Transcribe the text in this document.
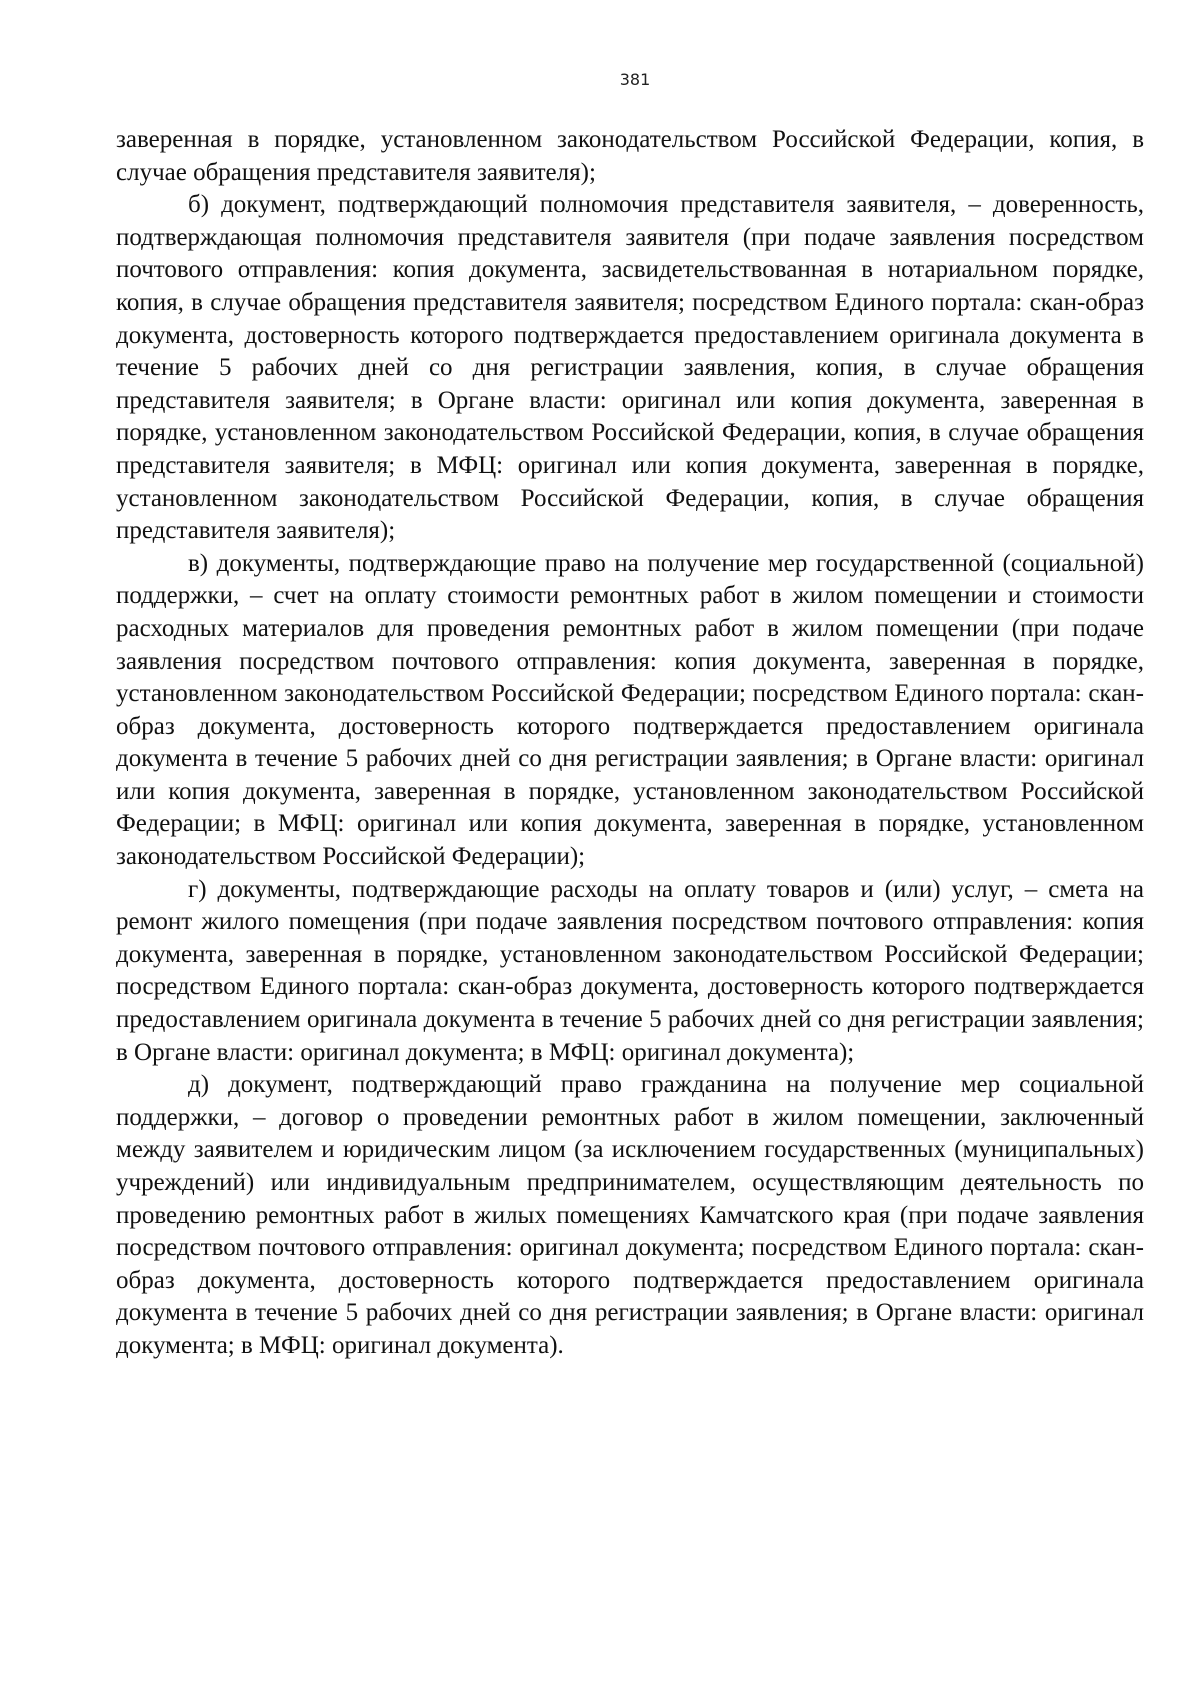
381

заверенная в порядке, установленном законодательством Российской Федерации, копия, в случае обращения представителя заявителя);

б) документ, подтверждающий полномочия представителя заявителя, – доверенность, подтверждающая полномочия представителя заявителя (при подаче заявления посредством почтового отправления: копия документа, засвидетельствованная в нотариальном порядке, копия, в случае обращения представителя заявителя; посредством Единого портала: скан-образ документа, достоверность которого подтверждается предоставлением оригинала документа в течение 5 рабочих дней со дня регистрации заявления, копия, в случае обращения представителя заявителя; в Органе власти: оригинал или копия документа, заверенная в порядке, установленном законодательством Российской Федерации, копия, в случае обращения представителя заявителя; в МФЦ: оригинал или копия документа, заверенная в порядке, установленном законодательством Российской Федерации, копия, в случае обращения представителя заявителя);

в) документы, подтверждающие право на получение мер государственной (социальной) поддержки, – счет на оплату стоимости ремонтных работ в жилом помещении и стоимости расходных материалов для проведения ремонтных работ в жилом помещении (при подаче заявления посредством почтового отправления: копия документа, заверенная в порядке, установленном законодательством Российской Федерации; посредством Единого портала: скан-образ документа, достоверность которого подтверждается предоставлением оригинала документа в течение 5 рабочих дней со дня регистрации заявления; в Органе власти: оригинал или копия документа, заверенная в порядке, установленном законодательством Российской Федерации; в МФЦ: оригинал или копия документа, заверенная в порядке, установленном законодательством Российской Федерации);

г) документы, подтверждающие расходы на оплату товаров и (или) услуг, – смета на ремонт жилого помещения (при подаче заявления посредством почтового отправления: копия документа, заверенная в порядке, установленном законодательством Российской Федерации; посредством Единого портала: скан-образ документа, достоверность которого подтверждается предоставлением оригинала документа в течение 5 рабочих дней со дня регистрации заявления; в Органе власти: оригинал документа; в МФЦ: оригинал документа);

д) документ, подтверждающий право гражданина на получение мер социальной поддержки, – договор о проведении ремонтных работ в жилом помещении, заключенный между заявителем и юридическим лицом (за исключением государственных (муниципальных) учреждений) или индивидуальным предпринимателем, осуществляющим деятельность по проведению ремонтных работ в жилых помещениях Камчатского края (при подаче заявления посредством почтового отправления: оригинал документа; посредством Единого портала: скан-образ документа, достоверность которого подтверждается предоставлением оригинала документа в течение 5 рабочих дней со дня регистрации заявления; в Органе власти: оригинал документа; в МФЦ: оригинал документа).
